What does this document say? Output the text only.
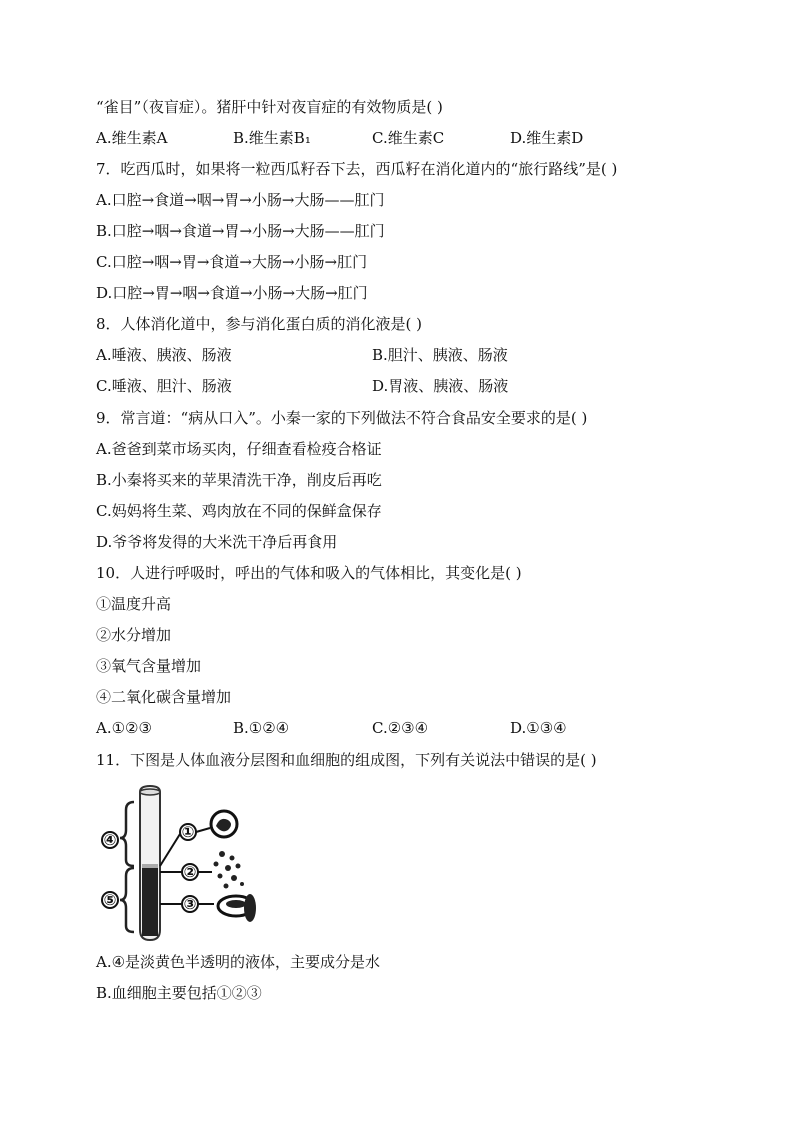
“雀目”（夜盲症）。猪肝中针对夜盲症的有效物质是( )
A.维生素A	B.维生素B₁	C.维生素C	D.维生素D
7．吃西瓜时，如果将一粒西瓜籽吞下去，西瓜籽在消化道内的“旅行路线”是( )
A.口腔→食道→咽→胃→小肠→大肠——肛门
B.口腔→咽→食道→胃→小肠→大肠——肛门
C.口腔→咽→胃→食道→大肠→小肠→肛门
D.口腔→胃→咽→食道→小肠→大肠→肛门
8．人体消化道中，参与消化蛋白质的消化液是( )
A.唾液、胰液、肠液	B.胆汁、胰液、肠液
C.唾液、胆汁、肠液	D.胃液、胰液、肠液
9．常言道：“病从口入”。小秦一家的下列做法不符合食品安全要求的是( )
A.爸爸到菜市场买肉，仔细查看检疫合格证
B.小秦将买来的苹果清洗干净，削皮后再吃
C.妈妈将生菜、鸡肉放在不同的保鲜盒保存
D.爷爷将发得的大米洗干净后再食用
10．人进行呼吸时，呼出的气体和吸入的气体相比，其变化是( )
①温度升高
②水分增加
③氧气含量增加
④二氧化碳含量增加
A.①②③	B.①②④	C.②③④	D.①③④
11．下图是人体血液分层图和血细胞的组成图，下列有关说法中错误的是( )
④
⑤
①
②
③
A.④是淡黄色半透明的液体，主要成分是水
B.血细胞主要包括①②③
